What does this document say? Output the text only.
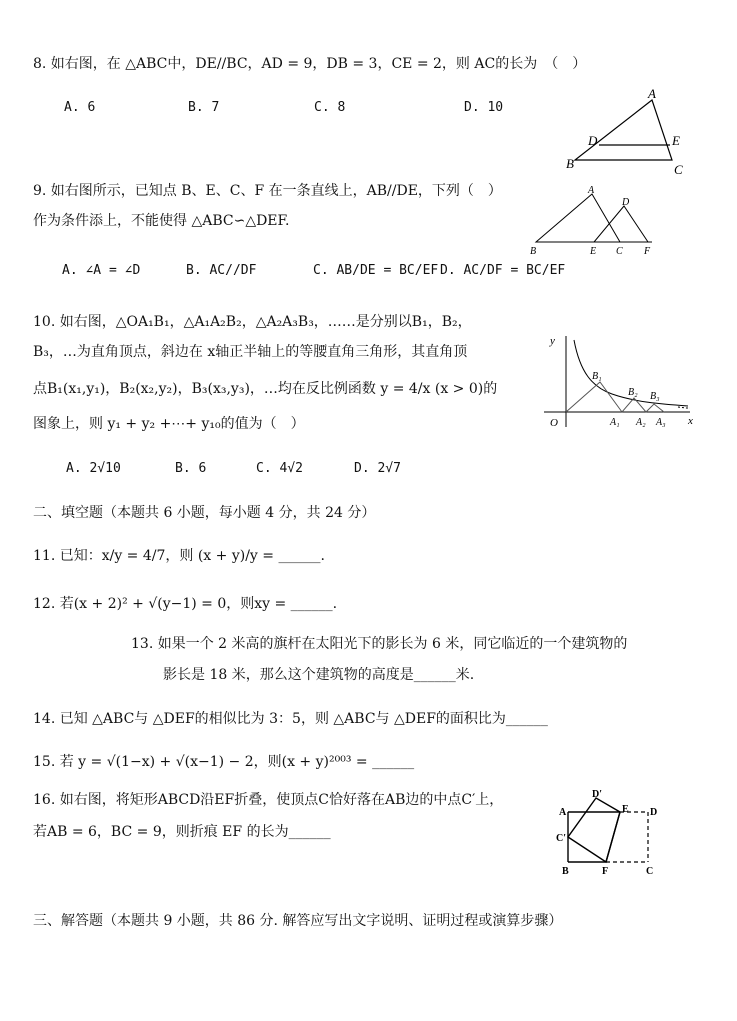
8. 如右图，在 △ABC中，DE//BC，AD = 9，DB = 3，CE = 2，则 AC的长为　（　）
A. 6	B. 7	C. 8	D. 10
A
D	E
B	C
9. 如右图所示，已知点 B、E、C、F 在一条直线上，AB//DE，下列（　）
作为条件添上，不能使得 △ABC∽△DEF.
A. ∠A = ∠D	B. AC//DF	C. AB/DE = BC/EF D. AC/DF = BC/EF
A
D
B	E C F
10. 如右图，△OA₁B₁，△A₁A₂B₂，△A₂A₃B₃，……是分别以B₁，B₂，
B₃，…为直角顶点，斜边在 x轴正半轴上的等腰直角三角形，其直角顶
点B₁(x₁,y₁)，B₂(x₂,y₂)，B₃(x₃,y₃)，…均在反比例函数 y = 4/x (x > 0)的
图象上，则 y₁ + y₂ +⋯+ y₁₀的值为（　）
A. 2√10	B. 6	C. 4√2	D. 2√7
y
x
O
B₁
B₂ B₃
A₁ A₂ A₃
二、填空题（本题共 6 小题，每小题 4 分，共 24 分）
11. 已知：x/y = 4/7，则 (x + y)/y = ______.
12. 若(x + 2)² + √(y−1) = 0，则xy = ______.
13. 如果一个 2 米高的旗杆在太阳光下的影长为 6 米，同它临近的一个建筑物的
影长是 18 米，那么这个建筑物的高度是______米.
14. 已知 △ABC与 △DEF的相似比为 3：5，则 △ABC与 △DEF的面积比为______
15. 若 y = √(1−x) + √(x−1) − 2，则(x + y)²⁰⁰³ = ______
16. 如右图，将矩形ABCD沿EF折叠，使顶点C恰好落在AB边的中点C′上，
若AB = 6，BC = 9，则折痕 EF 的长为______
A
D′
E D
C′
B	F	C
三、解答题（本题共 9 小题，共 86 分. 解答应写出文字说明、证明过程或演算步骤）
